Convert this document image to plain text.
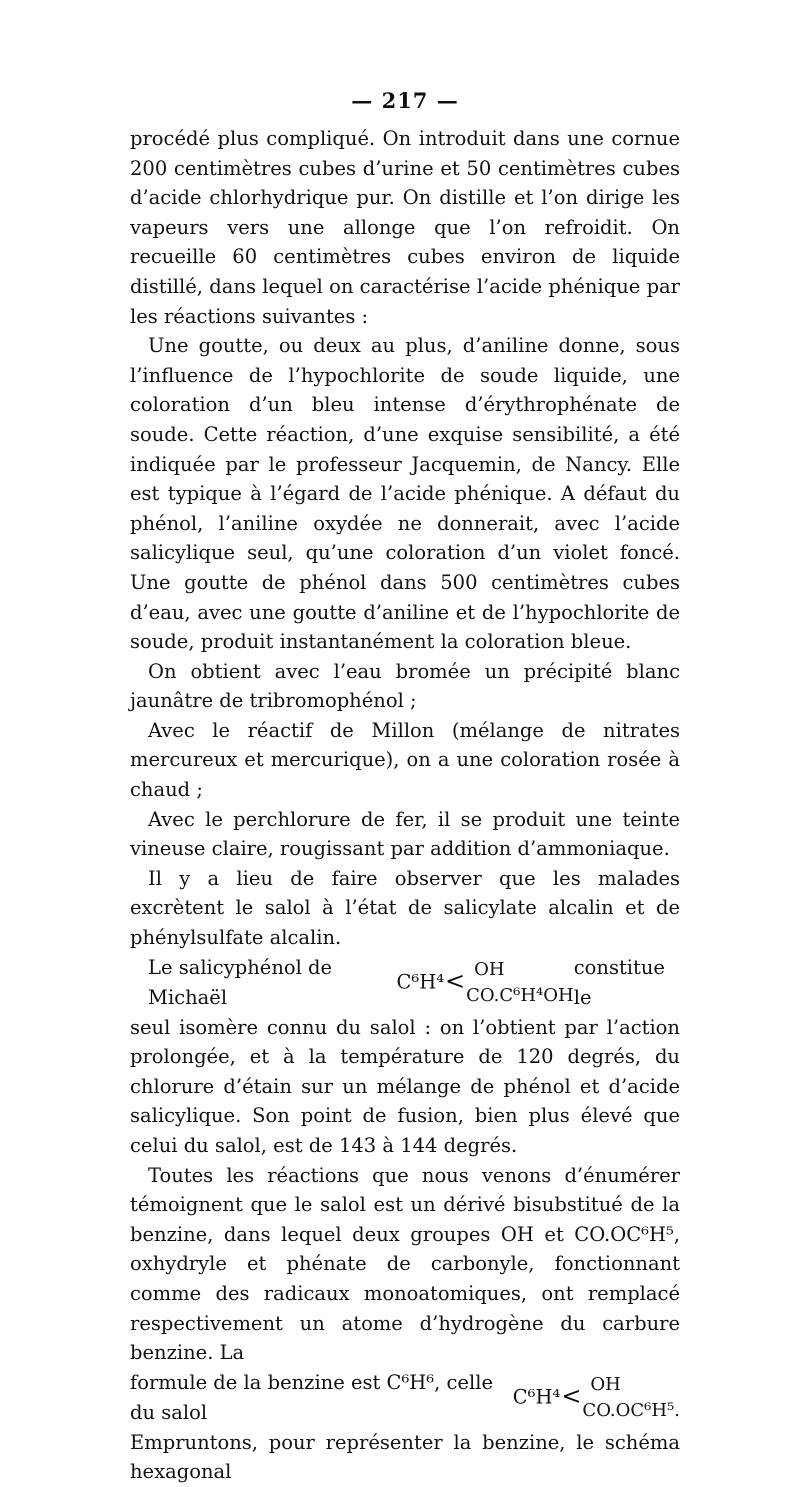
— 217 —

procédé plus compliqué. On introduit dans une cornue 200 centimètres cubes d’urine et 50 centimètres cubes d’acide chlorhydrique pur. On distille et l’on dirige les vapeurs vers une allonge que l’on refroidit. On recueille 60 centimètres cubes environ de liquide distillé, dans lequel on caractérise l’acide phénique par les réactions suivantes :

Une goutte, ou deux au plus, d’aniline donne, sous l’influence de l’hypochlorite de soude liquide, une coloration d’un bleu intense d’érythrophénate de soude. Cette réaction, d’une exquise sensibilité, a été indiquée par le professeur Jacquemin, de Nancy. Elle est typique à l’égard de l’acide phénique. A défaut du phénol, l’aniline oxydée ne donnerait, avec l’acide salicylique seul, qu’une coloration d’un violet foncé. Une goutte de phénol dans 500 centimètres cubes d’eau, avec une goutte d’aniline et de l’hypochlorite de soude, produit instantanément la coloration bleue.

On obtient avec l’eau bromée un précipité blanc jaunâtre de tribromophénol ;

Avec le réactif de Millon (mélange de nitrates mercureux et mercurique), on a une coloration rosée à chaud ;

Avec le perchlorure de fer, il se produit une teinte vineuse claire, rougissant par addition d’ammoniaque.

Il y a lieu de faire observer que les malades excrètent le salol à l’état de salicylate alcalin et de phénylsulfate alcalin.

Le salicyphénol de Michaël
C⁶H⁴< OH
CO.C⁶H⁴OH
constitue le

seul isomère connu du salol : on l’obtient par l’action prolongée, et à la température de 120 degrés, du chlorure d’étain sur un mélange de phénol et d’acide salicylique. Son point de fusion, bien plus élevé que celui du salol, est de 143 à 144 degrés.

Toutes les réactions que nous venons d’énumérer témoignent que le salol est un dérivé bisubstitué de la benzine, dans lequel deux groupes OH et CO.OC⁶H⁵, oxhydryle et phénate de carbonyle, fonctionnant comme des radicaux monoatomiques, ont remplacé respectivement un atome d’hydrogène du carbure benzine. La

formule de la benzine est C⁶H⁶, celle du salol
C⁶H⁴< OH
CO.OC⁶H⁵.

Empruntons, pour représenter la benzine, le schéma hexagonal
